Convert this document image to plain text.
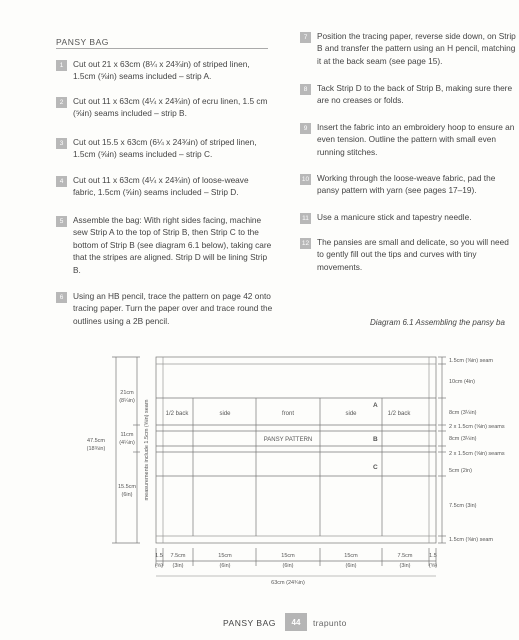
PANSY BAG
1	Cut out 21 x 63cm (8¼ x 24¾in) of striped linen, 1.5cm (⅝in) seams included – strip A.
2	Cut out 11 x 63cm (4¼ x 24¾in) of ecru linen, 1.5 cm (⅝in) seams included – strip B.
3	Cut out 15.5 x 63cm (6¼ x 24¾in) of striped linen, 1.5cm (⅝in) seams included – strip C.
4	Cut out 11 x 63cm (4¼ x 24¾in) of loose-weave fabric, 1.5cm (⅝in) seams included – Strip D.
5	Assemble the bag: With right sides facing, machine sew Strip A to the top of Strip B, then Strip C to the bottom of Strip B (see diagram 6.1 below), taking care that the stripes are aligned. Strip D will be lining Strip B.
6	Using an HB pencil, trace the pattern on page 42 onto tracing paper. Turn the paper over and trace round the outlines using a 2B pencil.
7	Position the tracing paper, reverse side down, on Strip B and transfer the pattern using an H pencil, matching it at the back seam (see page 15).
8	Tack Strip D to the back of Strip B, making sure there are no creases or folds.
9	Insert the fabric into an embroidery hoop to ensure an even tension. Outline the pattern with small even running stitches.
10 Working through the loose-weave fabric, pad the pansy pattern with yarn (see pages 17–19).
11 Use a manicure stick and tapestry needle.
12 The pansies are small and delicate, so you will need to gently fill out the tips and curves with tiny movements.
Diagram 6.1 Assembling the pansy ba
1/2 back	side	front	side	1/2 back
A
B
C
PANSY PATTERN
21cm
(8¼in)
11cm
(4¼in)
15.5cm
(6in)
47.5cm
(18¾in)	measurements include 1.5cm (⅝in) seam
1.5cm (⅝in) seam
10cm (4in)
8cm (3¼in)
2 x 1.5cm (⅝in) seams
8cm (3¼in)
2 x 1.5cm (⅝in) seams
5cm (2in)
7.5cm (3in)
1.5cm (⅝in) seam
1.5
(⅝)
7.5cm
(3in)
15cm
(6in)
15cm
(6in)
15cm
(6in)
7.5cm
(3in)
1.5
(⅝)
63cm (24¾in)
PANSY BAG	44	trapunto
